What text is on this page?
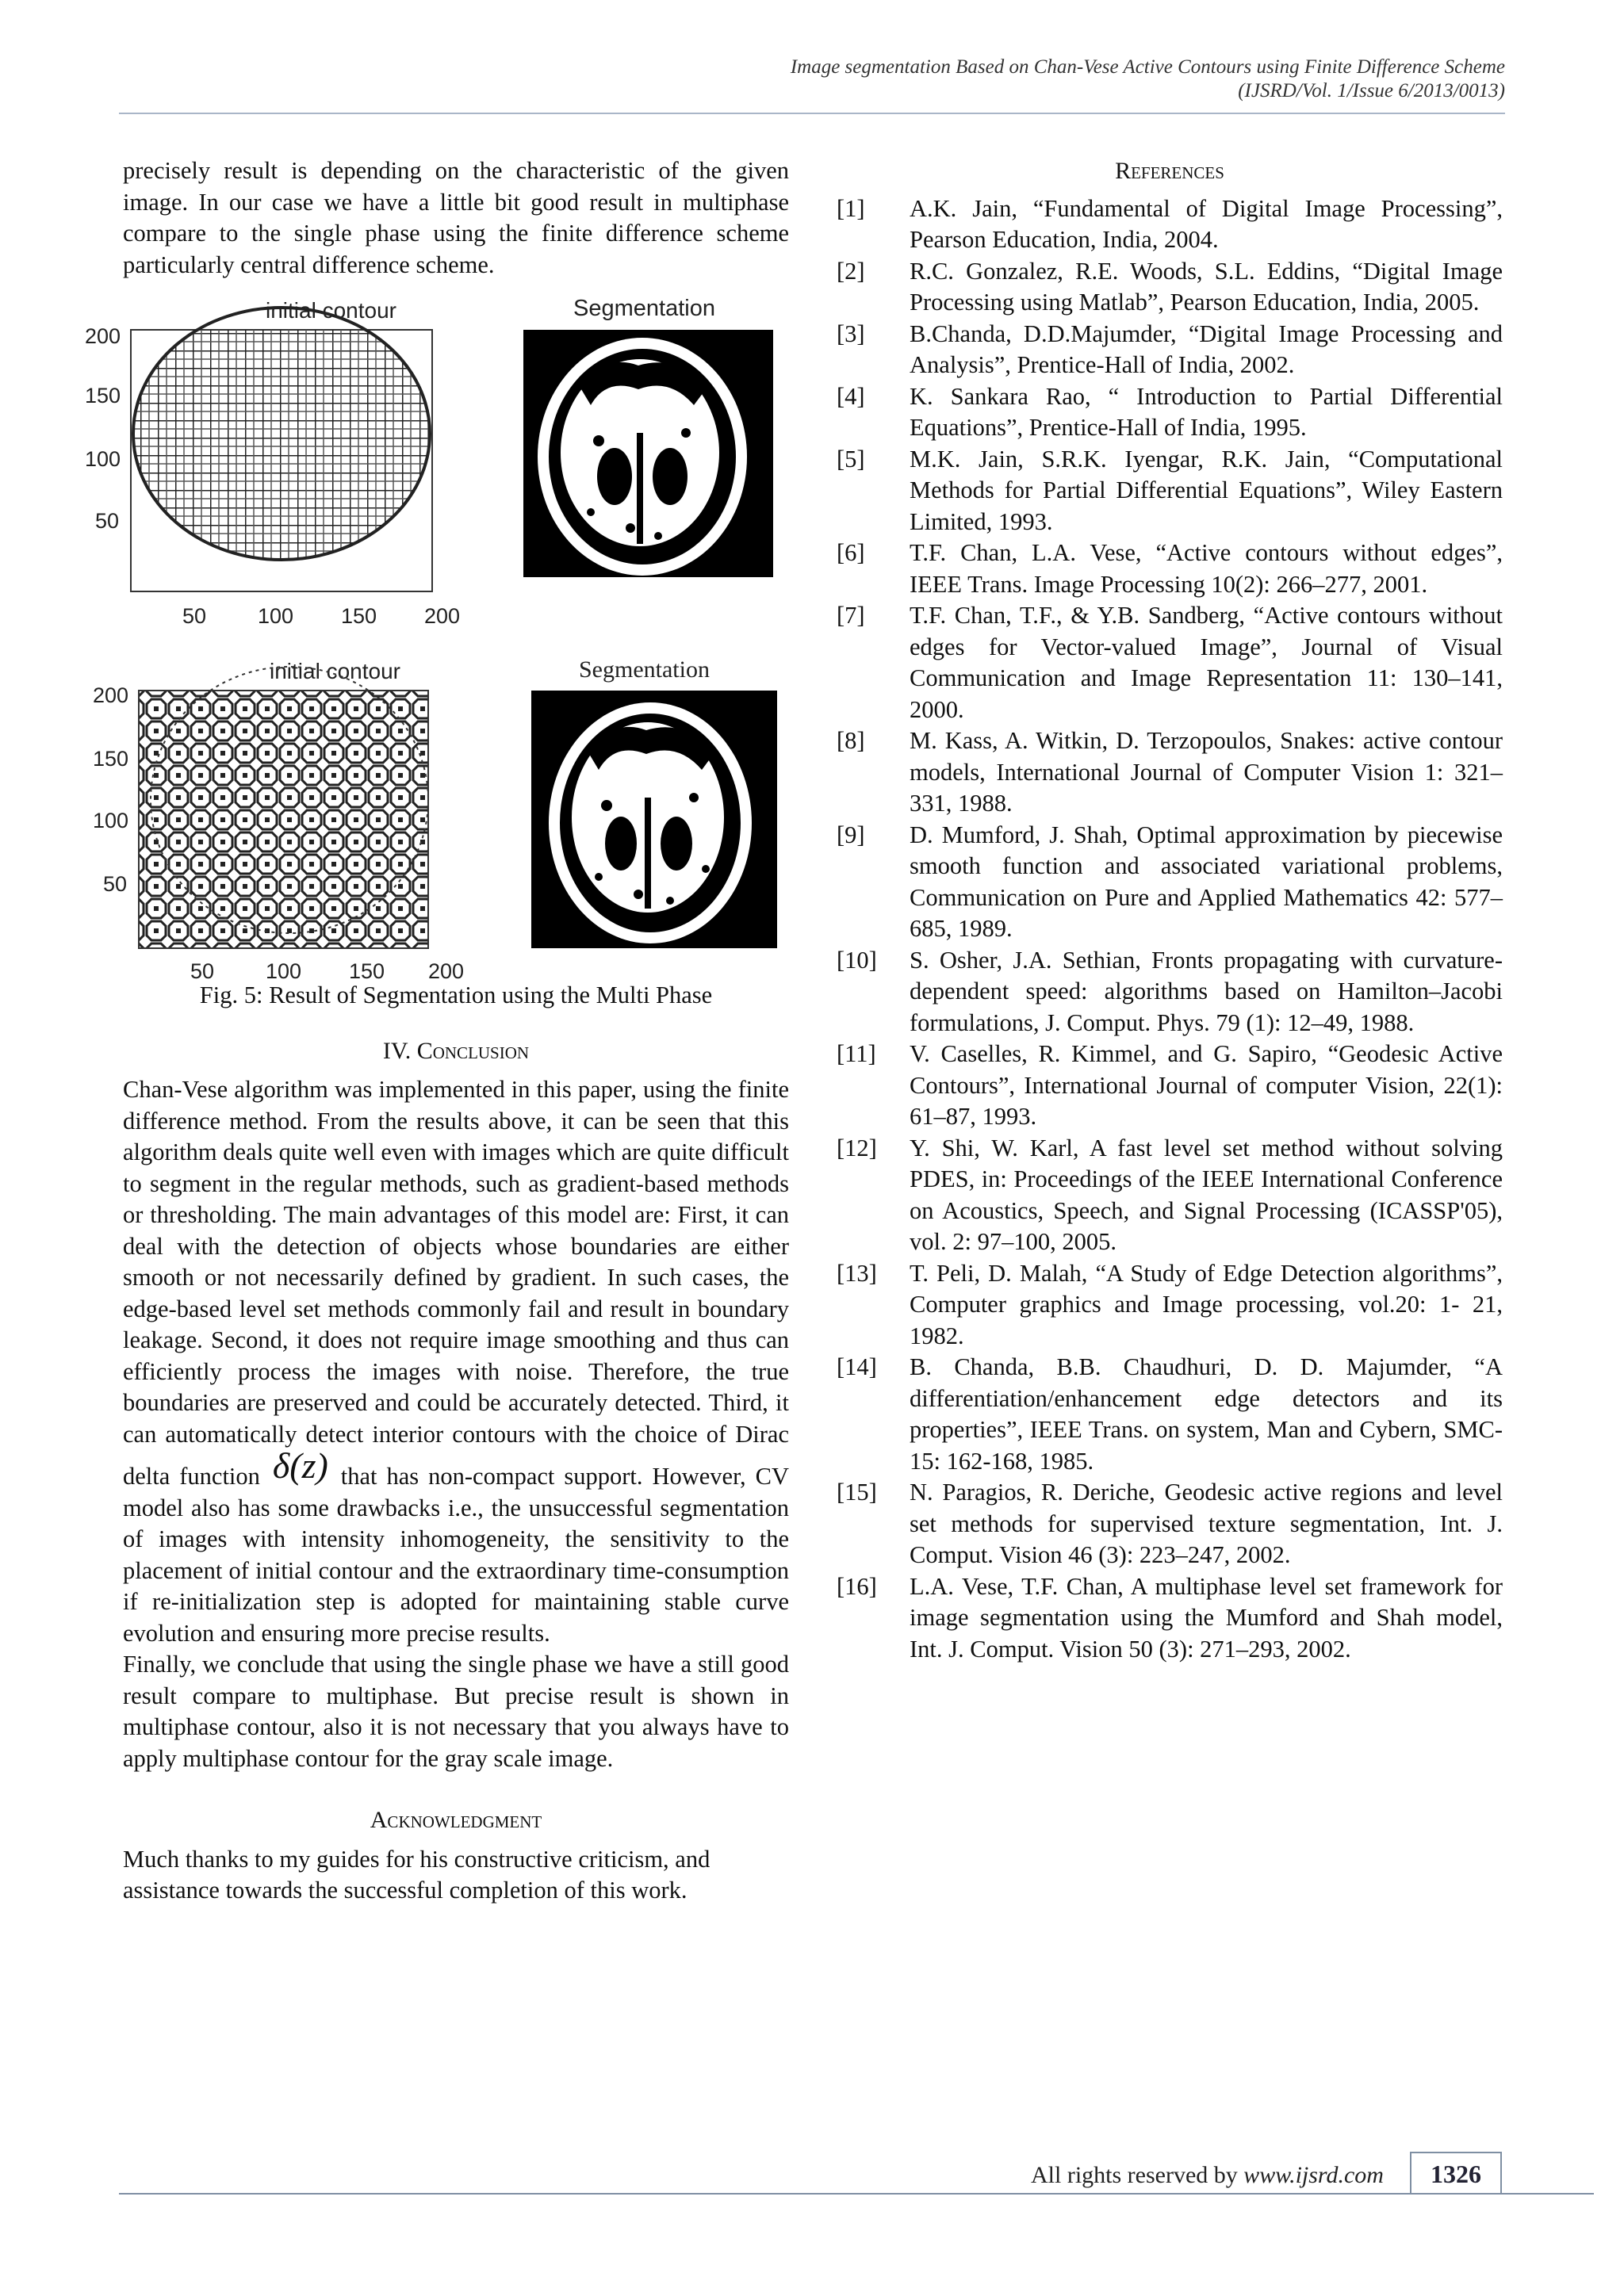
Image segmentation Based on Chan-Vese Active Contours using Finite Difference Scheme
(IJSRD/Vol. 1/Issue 6/2013/0013)

precisely result is depending on the characteristic of the given image. In our case we have a little bit good result in multiphase compare to the single phase using the finite difference scheme particularly central difference scheme.

initial contour
200
150
100
50
50 100 150 200
Segmentation
initial contour
200
150
100
50
50 100 150 200
Segmentation

Fig. 5: Result of Segmentation using the Multi Phase

IV. Conclusion

Chan-Vese algorithm was implemented in this paper, using the finite difference method. From the results above, it can be seen that this algorithm deals quite well even with images which are quite difficult to segment in the regular methods, such as gradient-based methods or thresholding. The main advantages of this model are: First, it can deal with the detection of objects whose boundaries are either smooth or not necessarily defined by gradient. In such cases, the edge-based level set methods commonly fail and result in boundary leakage. Second, it does not require image smoothing and thus can efficiently process the images with noise. Therefore, the true boundaries are preserved and could be accurately detected. Third, it can automatically detect interior contours with the choice of Dirac delta function δ(z) that has non-compact support. However, CV model also has some drawbacks i.e., the unsuccessful segmentation of images with intensity inhomogeneity, the sensitivity to the placement of initial contour and the extraordinary time-consumption if re-initialization step is adopted for maintaining stable curve evolution and ensuring more precise results.

Finally, we conclude that using the single phase we have a still good result compare to multiphase. But precise result is shown in multiphase contour, also it is not necessary that you always have to apply multiphase contour for the gray scale image.

Acknowledgment

Much thanks to my guides for his constructive criticism, and assistance towards the successful completion of this work.

References

[1]	A.K. Jain, “Fundamental of Digital Image Processing”, Pearson Education, India, 2004.
[2]	R.C. Gonzalez, R.E. Woods, S.L. Eddins, “Digital Image Processing using Matlab”, Pearson Education, India, 2005.
[3]	B.Chanda, D.D.Majumder, “Digital Image Processing and Analysis”, Prentice-Hall of India, 2002.
[4]	K. Sankara Rao, “ Introduction to Partial Differential Equations”, Prentice-Hall of India, 1995.
[5]	M.K. Jain, S.R.K. Iyengar, R.K. Jain, “Computational Methods for Partial Differential Equations”, Wiley Eastern Limited, 1993.
[6]	T.F. Chan, L.A. Vese, “Active contours without edges”, IEEE Trans. Image Processing 10(2): 266–277, 2001.
[7]	T.F. Chan, T.F., & Y.B. Sandberg, “Active contours without edges for Vector-valued Image”, Journal of Visual Communication and Image Representation 11: 130–141, 2000.
[8]	M. Kass, A. Witkin, D. Terzopoulos, Snakes: active contour models, International Journal of Computer Vision 1: 321–331, 1988.
[9]	D. Mumford, J. Shah, Optimal approximation by piecewise smooth function and associated variational problems, Communication on Pure and Applied Mathematics 42: 577–685, 1989.
[10]	S. Osher, J.A. Sethian, Fronts propagating with curvature-dependent speed: algorithms based on Hamilton–Jacobi formulations, J. Comput. Phys. 79 (1): 12–49, 1988.
[11]	V. Caselles, R. Kimmel, and G. Sapiro, “Geodesic Active Contours”, International Journal of computer Vision, 22(1): 61–87, 1993.
[12]	Y. Shi, W. Karl, A fast level set method without solving PDES, in: Proceedings of the IEEE International Conference on Acoustics, Speech, and Signal Processing (ICASSP'05), vol. 2: 97–100, 2005.
[13]	T. Peli, D. Malah, “A Study of Edge Detection algorithms”, Computer graphics and Image processing, vol.20: 1- 21, 1982.
[14]	B. Chanda, B.B. Chaudhuri, D. D. Majumder, “A differentiation/enhancement edge detectors and its properties”, IEEE Trans. on system, Man and Cybern, SMC-15: 162-168, 1985.
[15]	N. Paragios, R. Deriche, Geodesic active regions and level set methods for supervised texture segmentation, Int. J. Comput. Vision 46 (3): 223–247, 2002.
[16]	L.A. Vese, T.F. Chan, A multiphase level set framework for image segmentation using the Mumford and Shah model, Int. J. Comput. Vision 50 (3): 271–293, 2002.
All rights reserved by www.ijsrd.com	1326
